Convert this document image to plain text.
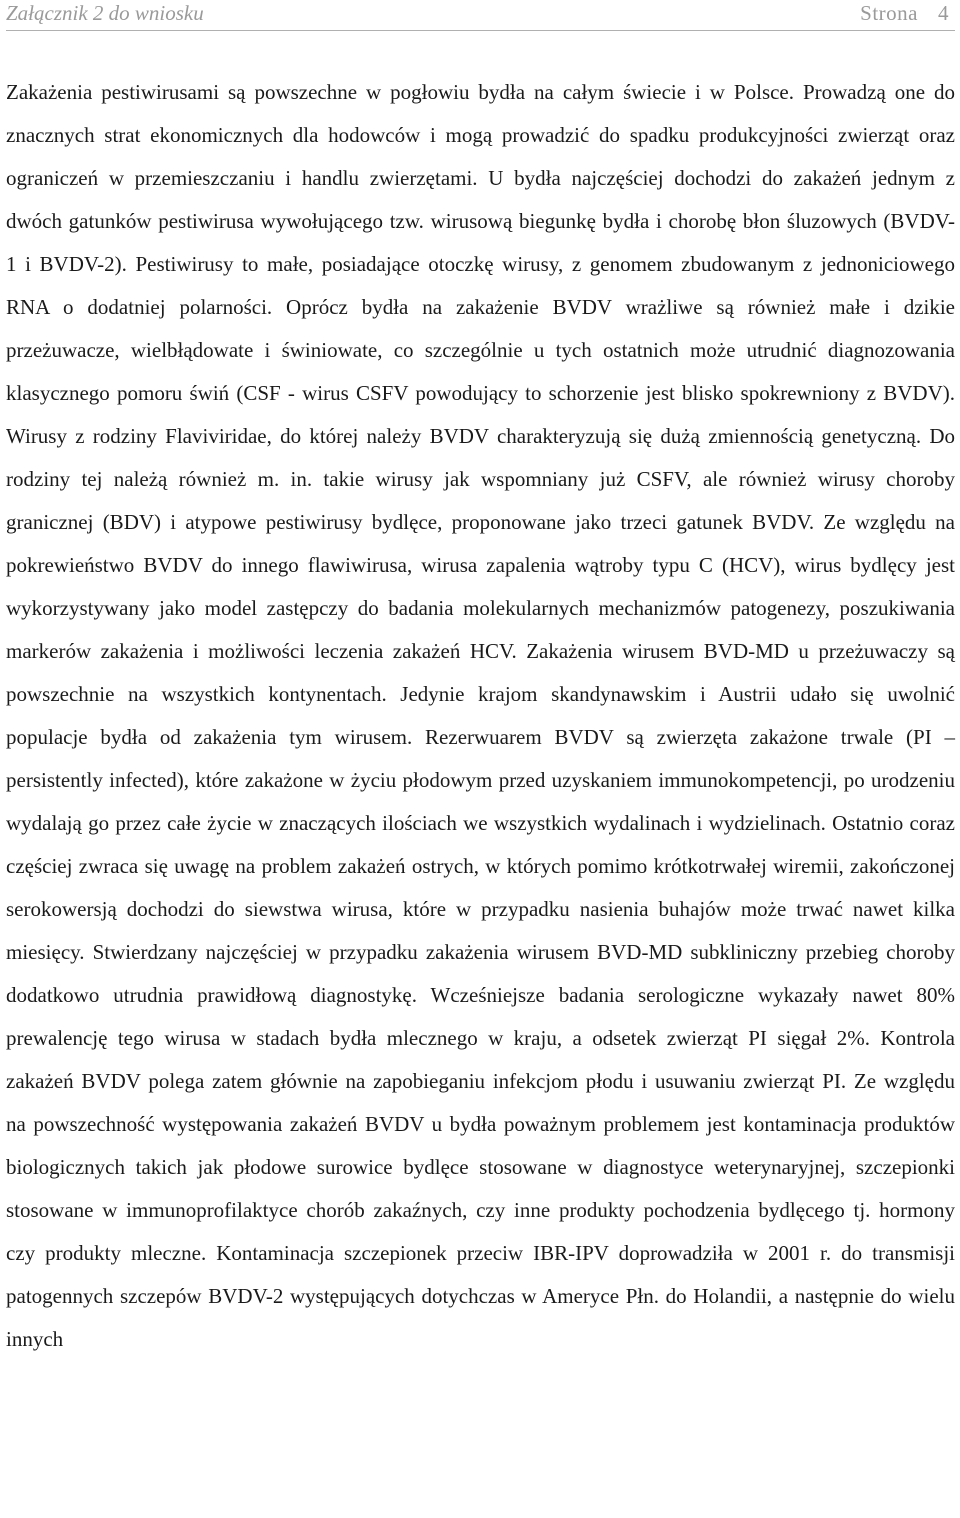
Załącznik 2 do wniosku	Strona 4

Zakażenia pestiwirusami są powszechne w pogłowiu bydła na całym świecie i w Polsce. Prowadzą one do znacznych strat ekonomicznych dla hodowców i mogą prowadzić do spadku produkcyjności zwierząt oraz ograniczeń w przemieszczaniu i handlu zwierzętami. U bydła najczęściej dochodzi do zakażeń jednym z dwóch gatunków pestiwirusa wywołującego tzw. wirusową biegunkę bydła i chorobę błon śluzowych (BVDV-1 i BVDV-2). Pestiwirusy to małe, posiadające otoczkę wirusy, z genomem zbudowanym z jednoniciowego RNA o dodatniej polarności. Oprócz bydła na zakażenie BVDV wrażliwe są również małe i dzikie przeżuwacze, wielbłądowate i świniowate, co szczególnie u tych ostatnich może utrudnić diagnozowania klasycznego pomoru świń (CSF - wirus CSFV powodujący to schorzenie jest blisko spokrewniony z BVDV). Wirusy z rodziny Flaviviridae, do której należy BVDV charakteryzują się dużą zmiennością genetyczną. Do rodziny tej należą również m. in. takie wirusy jak wspomniany już CSFV, ale również wirusy choroby granicznej (BDV) i atypowe pestiwirusy bydlęce, proponowane jako trzeci gatunek BVDV. Ze względu na pokrewieństwo BVDV do innego flawiwirusa, wirusa zapalenia wątroby typu C (HCV), wirus bydlęcy jest wykorzystywany jako model zastępczy do badania molekularnych mechanizmów patogenezy, poszukiwania markerów zakażenia i możliwości leczenia zakażeń HCV. Zakażenia wirusem BVD-MD u przeżuwaczy są powszechnie na wszystkich kontynentach. Jedynie krajom skandynawskim i Austrii udało się uwolnić populacje bydła od zakażenia tym wirusem. Rezerwuarem BVDV są zwierzęta zakażone trwale (PI – persistently infected), które zakażone w życiu płodowym przed uzyskaniem immunokompetencji, po urodzeniu wydalają go przez całe życie w znaczących ilościach we wszystkich wydalinach i wydzielinach. Ostatnio coraz częściej zwraca się uwagę na problem zakażeń ostrych, w których pomimo krótkotrwałej wiremii, zakończonej serokowersją dochodzi do siewstwa wirusa, które w przypadku nasienia buhajów może trwać nawet kilka miesięcy. Stwierdzany najczęściej w przypadku zakażenia wirusem BVD-MD subkliniczny przebieg choroby dodatkowo utrudnia prawidłową diagnostykę. Wcześniejsze badania serologiczne wykazały nawet 80% prewalencję tego wirusa w stadach bydła mlecznego w kraju, a odsetek zwierząt PI sięgał 2%. Kontrola zakażeń BVDV polega zatem głównie na zapobieganiu infekcjom płodu i usuwaniu zwierząt PI. Ze względu na powszechność występowania zakażeń BVDV u bydła poważnym problemem jest kontaminacja produktów biologicznych takich jak płodowe surowice bydlęce stosowane w diagnostyce weterynaryjnej, szczepionki stosowane w immunoprofilaktyce chorób zakaźnych, czy inne produkty pochodzenia bydlęcego tj. hormony czy produkty mleczne. Kontaminacja szczepionek przeciw IBR-IPV doprowadziła w 2001 r. do transmisji patogennych szczepów BVDV-2 występujących dotychczas w Ameryce Płn. do Holandii, a następnie do wielu innych
